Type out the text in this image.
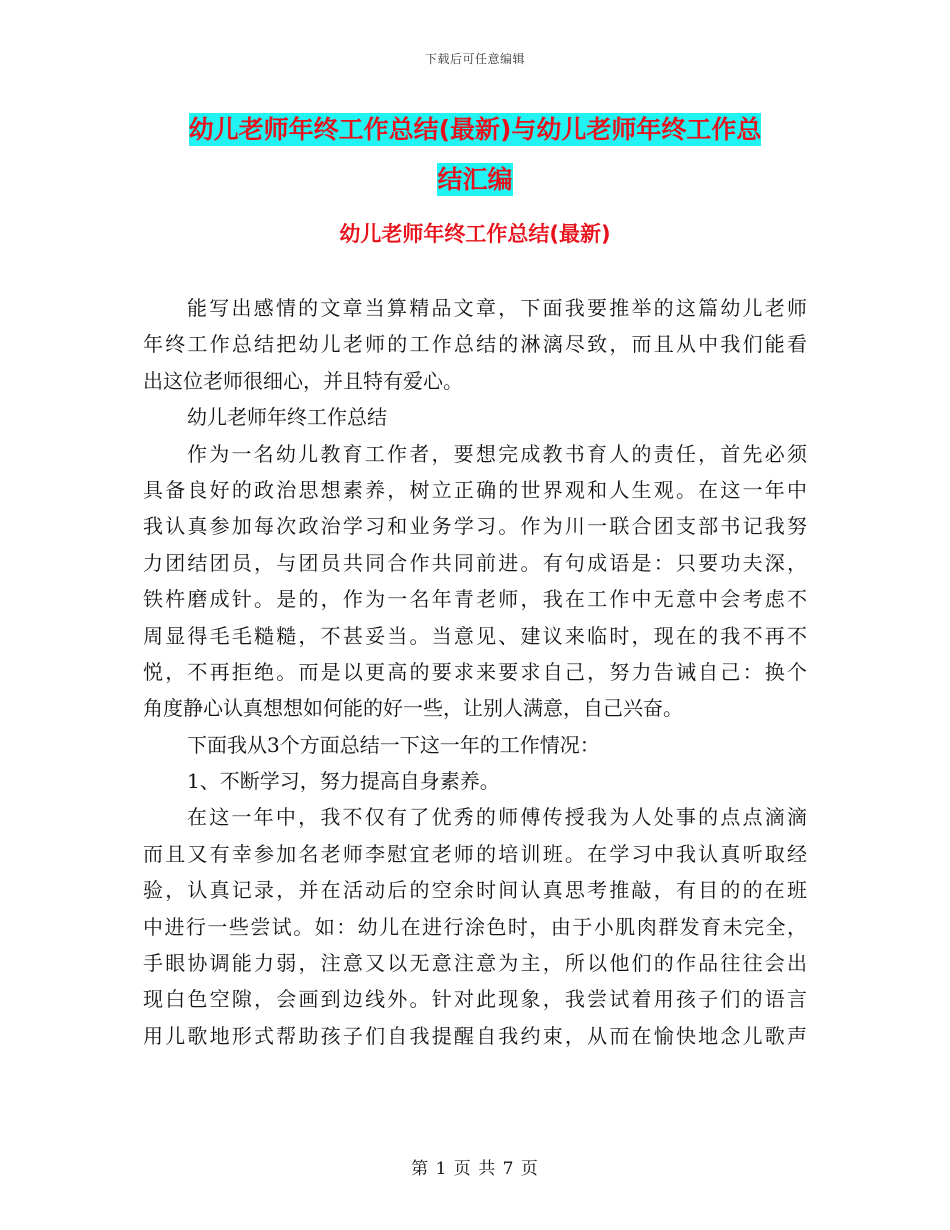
下载后可任意编辑
幼儿老师年终工作总结(最新)与幼儿老师年终工作总
结汇编
幼儿老师年终工作总结(最新)
能写出感情的文章当算精品文章，下面我要推举的这篇幼儿老师
年终工作总结把幼儿老师的工作总结的淋漓尽致，而且从中我们能看
出这位老师很细心，并且特有爱心。
幼儿老师年终工作总结
作为一名幼儿教育工作者，要想完成教书育人的责任，首先必须
具备良好的政治思想素养，树立正确的世界观和人生观。在这一年中
我认真参加每次政治学习和业务学习。作为川一联合团支部书记我努
力团结团员，与团员共同合作共同前进。有句成语是：只要功夫深，
铁杵磨成针。是的，作为一名年青老师，我在工作中无意中会考虑不
周显得毛毛糙糙，不甚妥当。当意见、建议来临时，现在的我不再不
悦，不再拒绝。而是以更高的要求来要求自己，努力告诫自己：换个
角度静心认真想想如何能的好一些，让别人满意，自己兴奋。
下面我从3个方面总结一下这一年的工作情况：
1、不断学习，努力提高自身素养。
在这一年中，我不仅有了优秀的师傅传授我为人处事的点点滴滴
而且又有幸参加名老师李慰宜老师的培训班。在学习中我认真听取经
验，认真记录，并在活动后的空余时间认真思考推敲，有目的的在班
中进行一些尝试。如：幼儿在进行涂色时，由于小肌肉群发育未完全，
手眼协调能力弱，注意又以无意注意为主，所以他们的作品往往会出
现白色空隙，会画到边线外。针对此现象，我尝试着用孩子们的语言
用儿歌地形式帮助孩子们自我提醒自我约束，从而在愉快地念儿歌声
第 1 页 共 7 页
